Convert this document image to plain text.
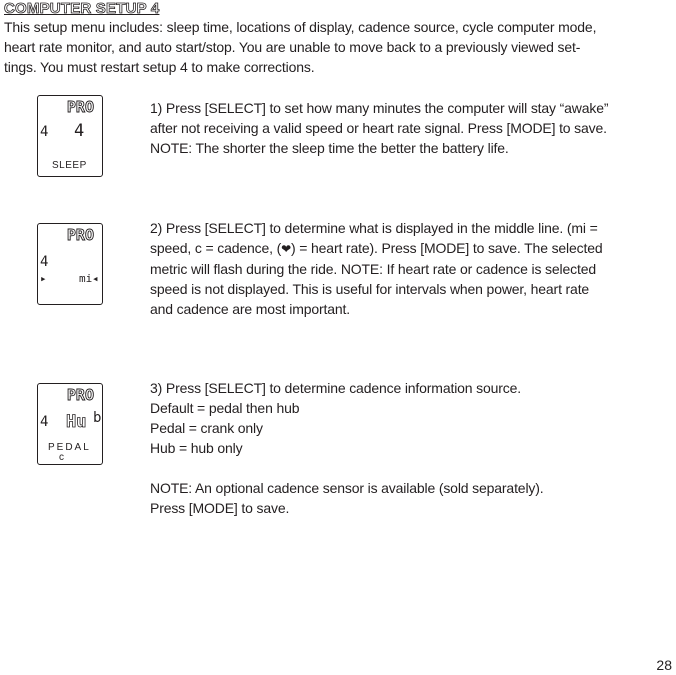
COMPUTER SETUP 4
This setup menu includes: sleep time, locations of display, cadence source, cycle computer mode,
heart rate monitor, and auto start/stop. You are unable to move back to a previously viewed set-
tings. You must restart setup 4 to make corrections.
PRO
4 4
SLEEP
PRO
4
▸	mi ◂
PRO
4 Hu b
PEDAL
c
1) Press [SELECT] to set how many minutes the computer will stay “awake”
after not receiving a valid speed or heart rate signal. Press [MODE] to save.
NOTE: The shorter the sleep time the better the battery life.
2) Press [SELECT] to determine what is displayed in the middle line. (mi =
speed, c = cadence, (❤) = heart rate). Press [MODE] to save. The selected
metric will flash during the ride. NOTE: If heart rate or cadence is selected
speed is not displayed. This is useful for intervals when power, heart rate
and cadence are most important.
3) Press [SELECT] to determine cadence information source.
Default = pedal then hub
Pedal = crank only
Hub = hub only
NOTE: An optional cadence sensor is available (sold separately).
Press [MODE] to save.
28
